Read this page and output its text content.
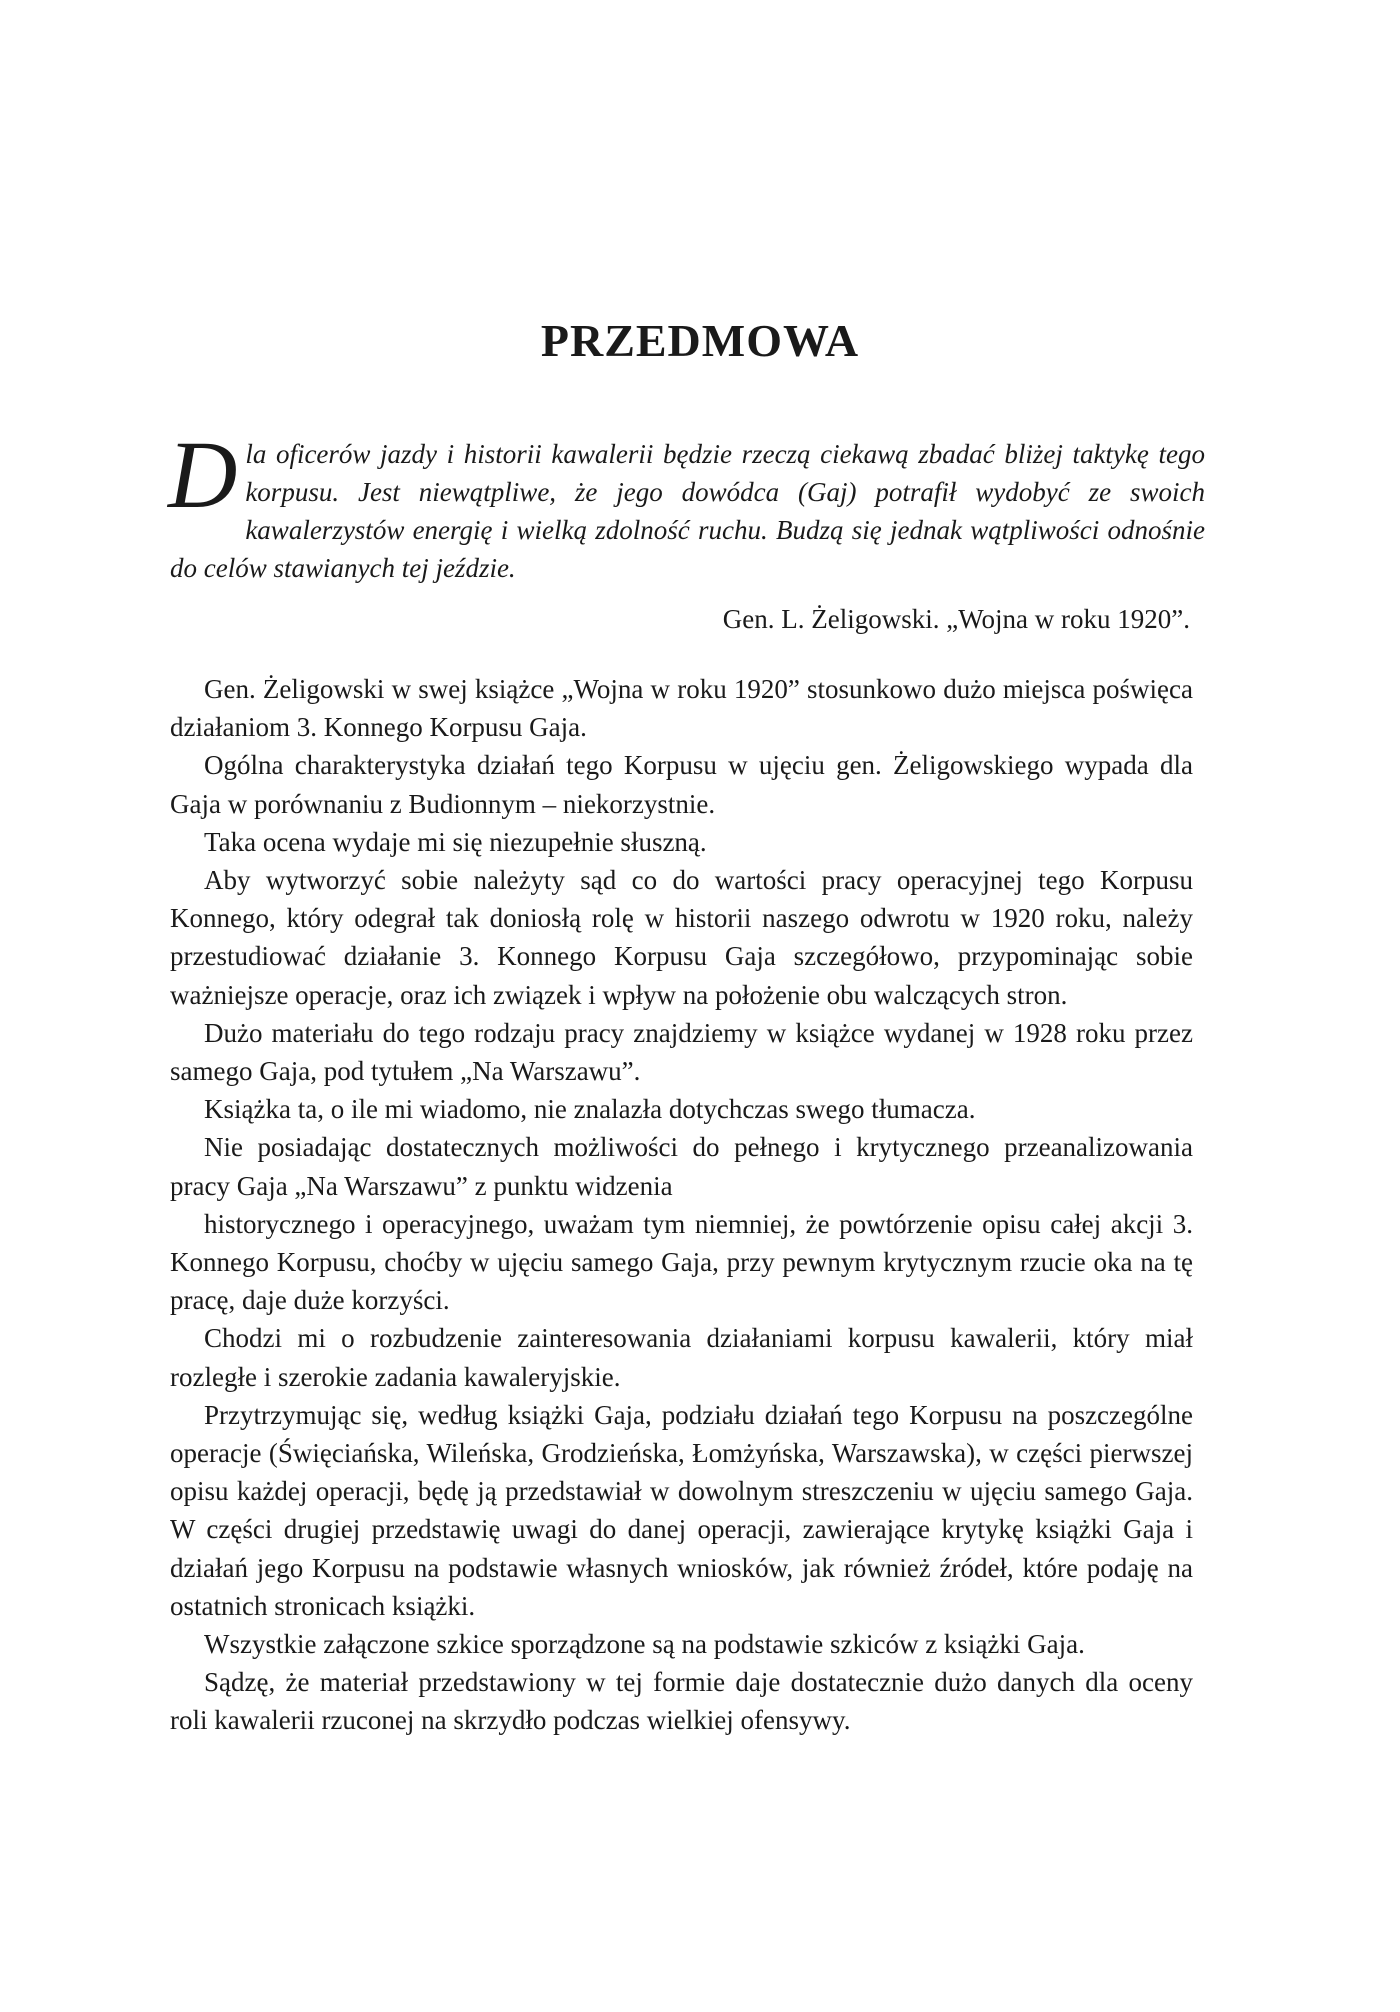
PRZEDMOWA
D la oficerów jazdy i historii kawalerii będzie rzeczą ciekawą zbadać bliżej taktykę tego korpusu. Jest niewątpliwe, że jego dowódca (Gaj) potrafił wydobyć ze swoich kawalerzystów energię i wielką zdolność ruchu. Budzą się jednak wątpliwości odnośnie do celów stawianych tej jeździe.

Gen. L. Żeligowski. „Wojna w roku 1920”.

Gen. Żeligowski w swej książce „Wojna w roku 1920” stosunkowo dużo miejsca poświęca działaniom 3. Konnego Korpusu Gaja.

Ogólna charakterystyka działań tego Korpusu w ujęciu gen. Żeligowskiego wypada dla Gaja w porównaniu z Budionnym – niekorzystnie.

Taka ocena wydaje mi się niezupełnie słuszną.

Aby wytworzyć sobie należyty sąd co do wartości pracy operacyjnej tego Korpusu Konnego, który odegrał tak doniosłą rolę w historii naszego odwrotu w 1920 roku, należy przestudiować działanie 3. Konnego Korpusu Gaja szczegółowo, przypominając sobie ważniejsze operacje, oraz ich związek i wpływ na położenie obu walczących stron.

Dużo materiału do tego rodzaju pracy znajdziemy w książce wydanej w 1928 roku przez samego Gaja, pod tytułem „Na Warszawu”.

Książka ta, o ile mi wiadomo, nie znalazła dotychczas swego tłumacza.

Nie posiadając dostatecznych możliwości do pełnego i krytycznego przeanalizowania pracy Gaja „Na Warszawu” z punktu widzenia

historycznego i operacyjnego, uważam tym niemniej, że powtórzenie opisu całej akcji 3. Konnego Korpusu, choćby w ujęciu samego Gaja, przy pewnym krytycznym rzucie oka na tę pracę, daje duże korzyści.

Chodzi mi o rozbudzenie zainteresowania działaniami korpusu kawalerii, który miał rozległe i szerokie zadania kawaleryjskie.

Przytrzymując się, według książki Gaja, podziału działań tego Korpusu na poszczególne operacje (Święciańska, Wileńska, Grodzieńska, Łomżyńska, Warszawska), w części pierwszej opisu każdej operacji, będę ją przedstawiał w dowolnym streszczeniu w ujęciu samego Gaja. W części drugiej przedstawię uwagi do danej operacji, zawierające krytykę książki Gaja i działań jego Korpusu na podstawie własnych wniosków, jak również źródeł, które podaję na ostatnich stronicach książki.

Wszystkie załączone szkice sporządzone są na podstawie szkiców z książki Gaja.

Sądzę, że materiał przedstawiony w tej formie daje dostatecznie dużo danych dla oceny roli kawalerii rzuconej na skrzydło podczas wielkiej ofensywy.
